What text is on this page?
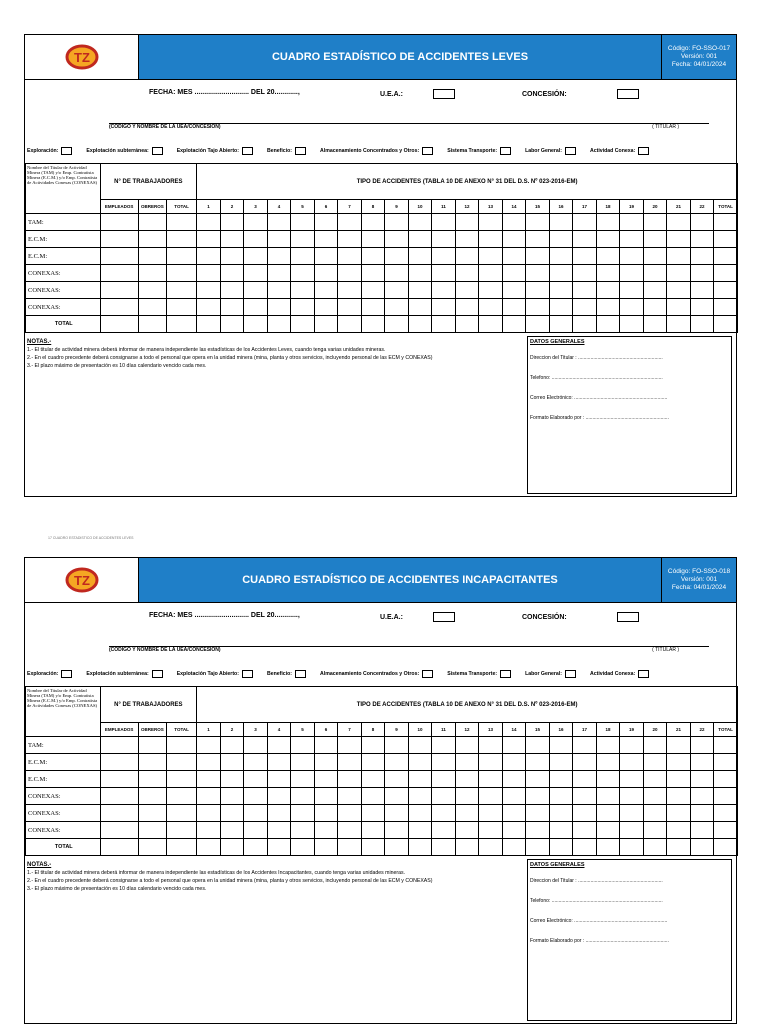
TZ	CUADRO ESTADÍSTICO DE ACCIDENTES LEVES
Código: FO-SSO-017
Versión: 001
Fecha: 04/01/2024
FECHA: MES ............................ DEL 20............,	U.E.A.:	CONCESIÓN:
(CODIGO Y NOMBRE DE LA UEA/CONCESION)	( TITULAR )
Exploración:	Explotación subterránea:	Explotación Tajo Abierto:	Beneficio:	Almacenamiento Concentrados y Otros:	Sistema Transporte:	Labor General:	Actividad Conexa:
Nombre del Titular de Actividad Minera (TAM) y/o Emp. Contratista Minera (E.C.M.) y/o Emp. Contratista de Actividades Conexas (CONEXAS)	N° DE TRABAJADORES			TIPO DE ACCIDENTES (TABLA 10 DE ANEXO N° 31 DEL D.S. Nº 023-2016-EM)																						
	EMPLEADOS	OBREROS	TOTAL	1	2	3	4	5	6	7	8	9	10	11	12	13	14	15	16	17	18	19	20	21	22	TOTAL
TAM:																										
E.C.M:																										
E.C.M:																										
CONEXAS:																										
CONEXAS:																										
CONEXAS:																										
TOTAL																										
NOTAS.-
1.- El titular de actividad minera deberá informar de manera independiente las estadísticas de los Accidentes Leves, cuando tenga varias unidades mineras.
2.- En el cuadro precedente deberá consignarse a todo el personal que opera en la unidad minera (mina, planta y otros servicios, incluyendo personal de las ECM y CONEXAS)
3.- El plazo máximo de presentación es 10 días calendario vencido cada mes.
DATOS GENERALES
Direccion del Titular : .............................................................
Telefono: ................................................................................
Correo Electrónico: ...................................................................
Formato Elaborado por : ............................................................
TZ	CUADRO ESTADÍSTICO DE ACCIDENTES INCAPACITANTES
Código: FO-SSO-018
Versión: 001
Fecha: 04/01/2024
FECHA: MES ............................ DEL 20............,	U.E.A.:	CONCESIÓN:
(CODIGO Y NOMBRE DE LA UEA/CONCESION)	( TITULAR )
Exploración:	Explotación subterránea:	Explotación Tajo Abierto:	Beneficio:	Almacenamiento Concentrados y Otros:	Sistema Transporte:	Labor General:	Actividad Conexa:
Nombre del Titular de Actividad Minera (TAM) y/o Emp. Contratista Minera (E.C.M.) y/o Emp. Contratista de Actividades Conexas (CONEXAS)	N° DE TRABAJADORES			TIPO DE ACCIDENTES (TABLA 10 DE ANEXO N° 31 DEL D.S. Nº 023-2016-EM)																						
	EMPLEADOS	OBREROS	TOTAL	1	2	3	4	5	6	7	8	9	10	11	12	13	14	15	16	17	18	19	20	21	22	TOTAL
TAM:																										
E.C.M:																										
E.C.M:																										
CONEXAS:																										
CONEXAS:																										
CONEXAS:																										
TOTAL																										
NOTAS.-
1.- El titular de actividad minera deberá informar de manera independiente las estadísticas de los Accidentes Incapacitantes, cuando tenga varias unidades mineras.
2.- En el cuadro precedente deberá consignarse a todo el personal que opera en la unidad minera (mina, planta y otros servicios, incluyendo personal de las ECM y CONEXAS)
3.- El plazo máximo de presentación es 10 días calendario vencido cada mes.
DATOS GENERALES
Direccion del Titular : .............................................................
Telefono: ................................................................................
Correo Electrónico: ...................................................................
Formato Elaborado por : ............................................................
17 CUADRO ESTADISTICO DE ACCIDENTES LEVES
